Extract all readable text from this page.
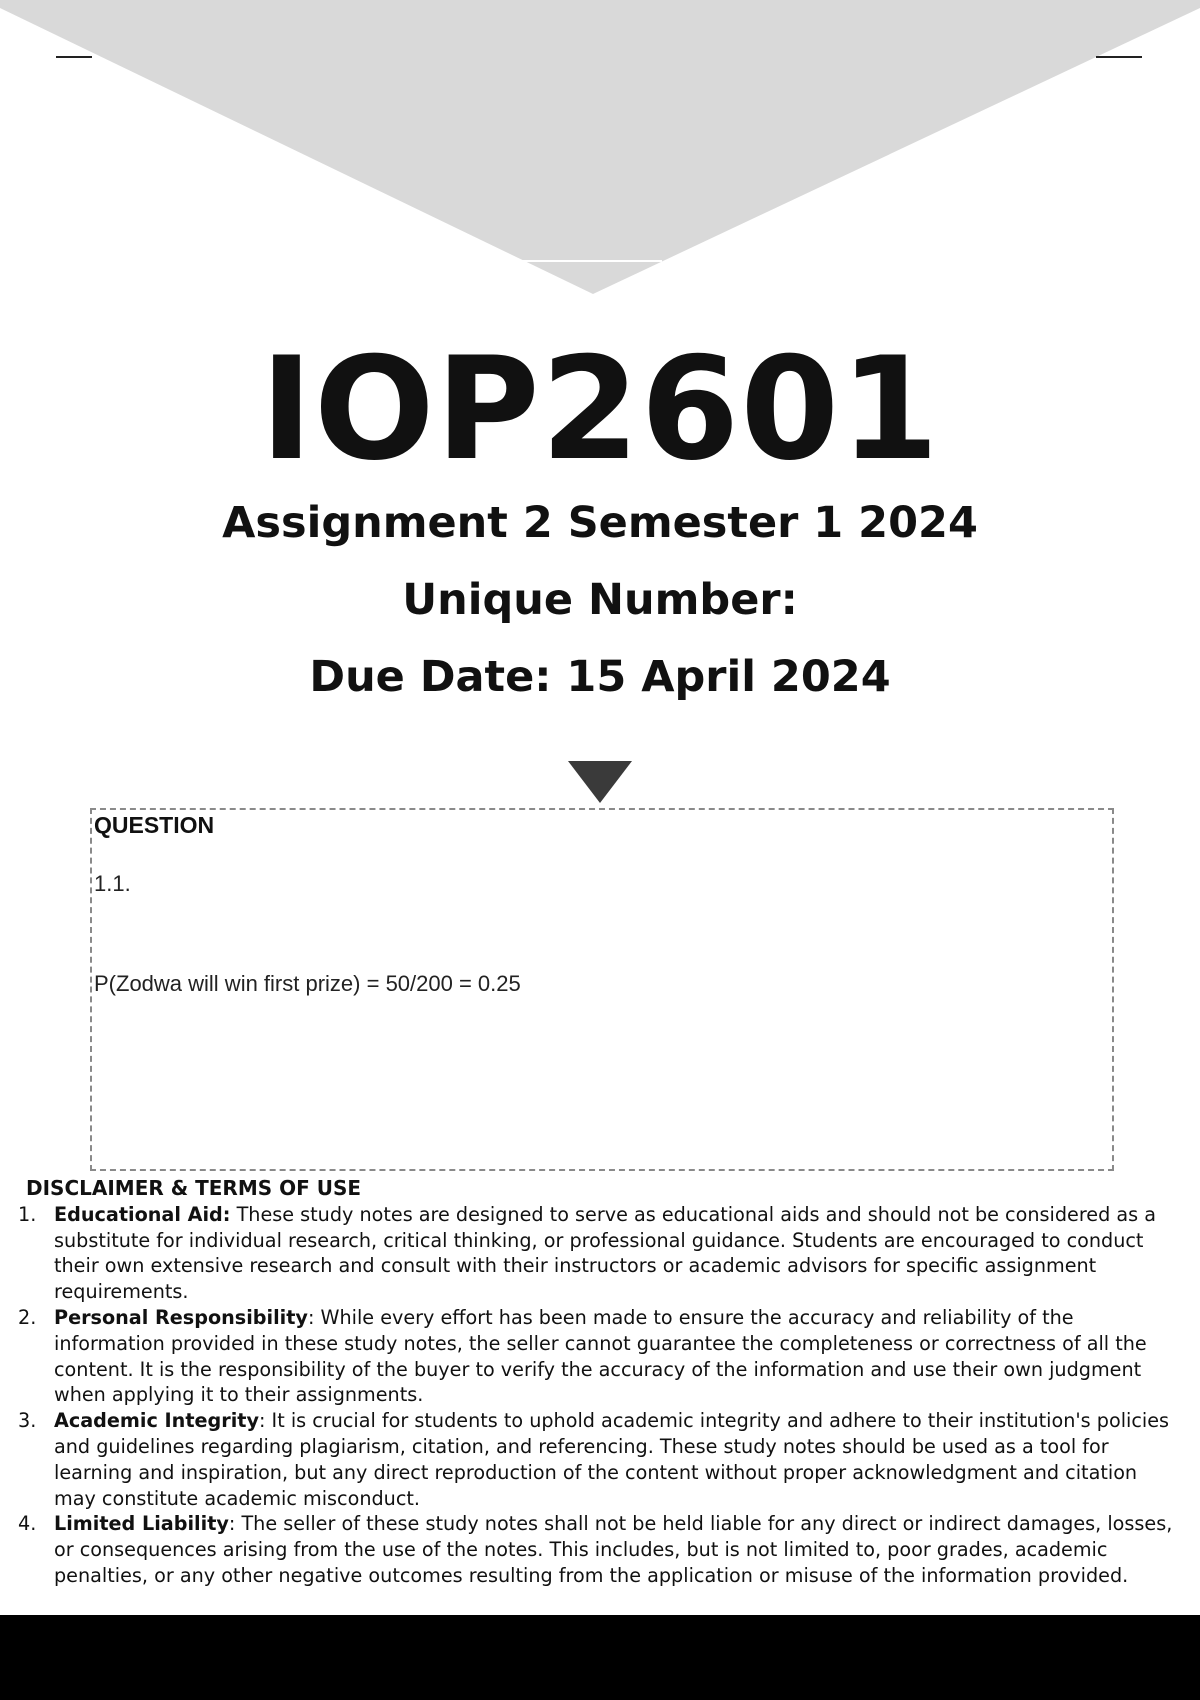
IOP2601
Assignment 2 Semester 1 2024
Unique Number:
Due Date: 15 April 2024
QUESTION
1.1.
P(Zodwa will win first prize) = 50/200 = 0.25
DISCLAIMER & TERMS OF USE
1. Educational Aid: These study notes are designed to serve as educational aids and should not be considered as a substitute for individual research, critical thinking, or professional guidance. Students are encouraged to conduct their own extensive research and consult with their instructors or academic advisors for specific assignment requirements.
2. Personal Responsibility: While every effort has been made to ensure the accuracy and reliability of the information provided in these study notes, the seller cannot guarantee the completeness or correctness of all the content. It is the responsibility of the buyer to verify the accuracy of the information and use their own judgment when applying it to their assignments.
3. Academic Integrity: It is crucial for students to uphold academic integrity and adhere to their institution's policies and guidelines regarding plagiarism, citation, and referencing. These study notes should be used as a tool for learning and inspiration, but any direct reproduction of the content without proper acknowledgment and citation may constitute academic misconduct.
4. Limited Liability: The seller of these study notes shall not be held liable for any direct or indirect damages, losses, or consequences arising from the use of the notes. This includes, but is not limited to, poor grades, academic penalties, or any other negative outcomes resulting from the application or misuse of the information provided.
